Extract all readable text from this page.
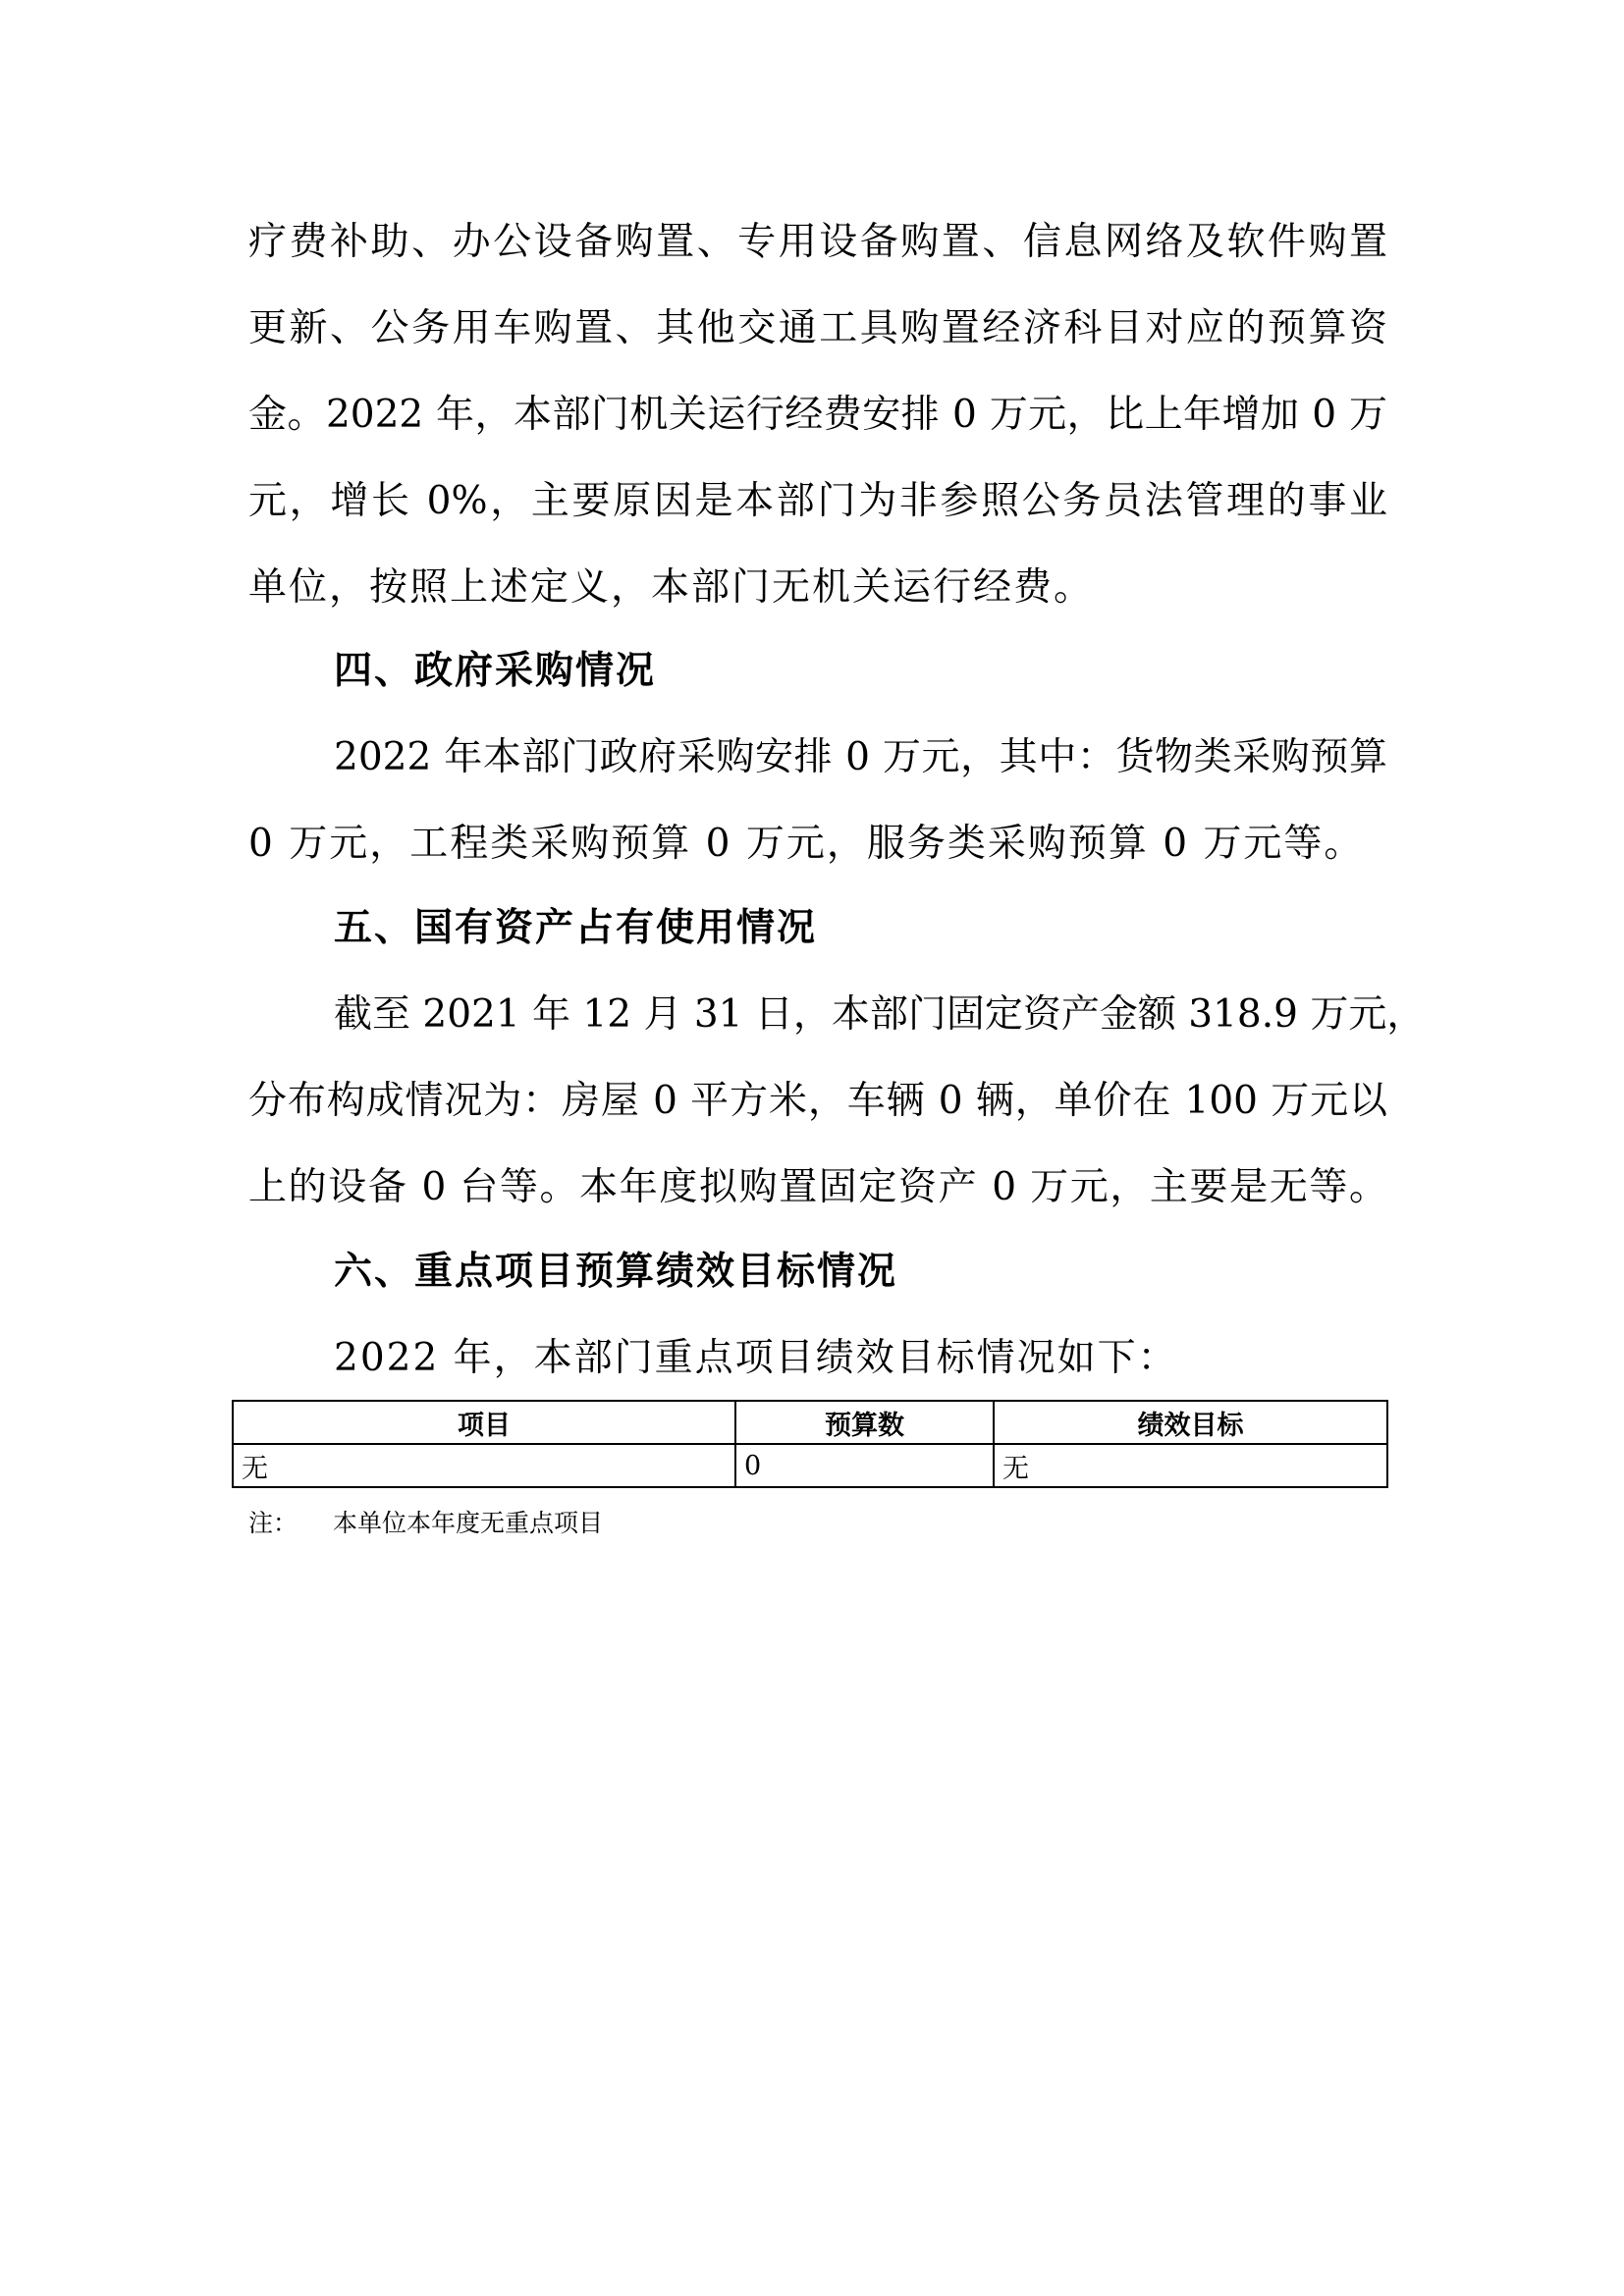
疗费补助、办公设备购置、专用设备购置、信息网络及软件购置
更新、公务用车购置、其他交通工具购置经济科目对应的预算资
金。2022 年，本部门机关运行经费安排 0 万元，比上年增加 0 万
元，增长 0%，主要原因是本部门为非参照公务员法管理的事业
单位，按照上述定义，本部门无机关运行经费。
四、政府采购情况
2022 年本部门政府采购安排 0 万元，其中：货物类采购预算
0 万元，工程类采购预算 0 万元，服务类采购预算 0 万元等。
五、国有资产占有使用情况
截至 2021 年 12 月 31 日，本部门固定资产金额 318.9 万元，
分布构成情况为：房屋 0 平方米，车辆 0 辆，单价在 100 万元以
上的设备 0 台等。本年度拟购置固定资产 0 万元，主要是无等。
六、重点项目预算绩效目标情况
2022 年，本部门重点项目绩效目标情况如下：
项目	预算数	绩效目标
无	0	无
注： 本单位本年度无重点项目
